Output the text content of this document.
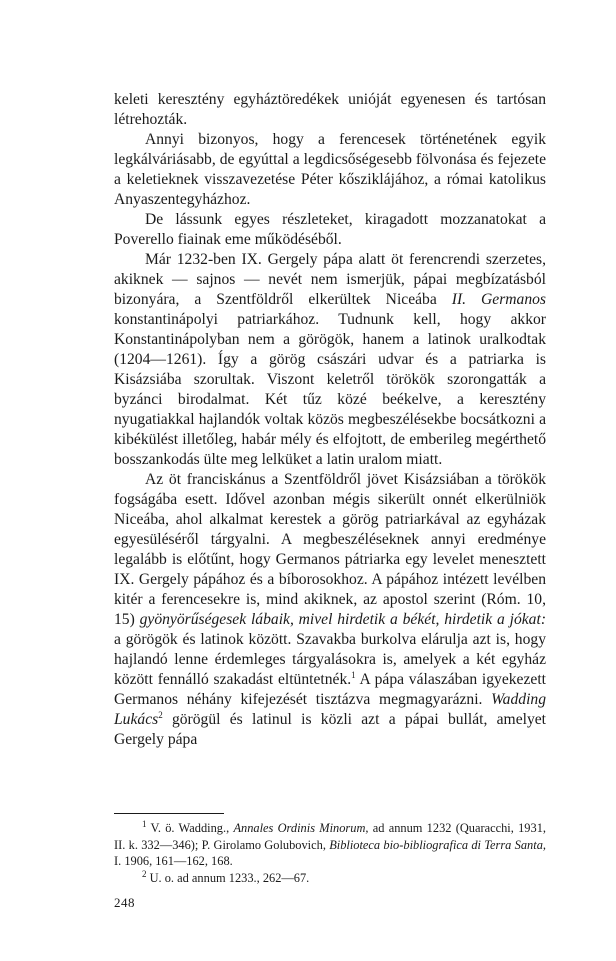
keleti keresztény egyháztöredékek unióját egyenesen és tartósan létrehozták.

Annyi bizonyos, hogy a ferencesek történetének egyik legkálváriásabb, de egyúttal a legdicsőségesebb fölvonása és fejezete a keletieknek visszavezetése Péter kősziklájához, a római katolikus Anyaszentegyházhoz.

De lássunk egyes részleteket, kiragadott mozzanatokat a Poverello fiainak eme működéséből.

Már 1232-ben IX. Gergely pápa alatt öt ferencrendi szerzetes, akiknek — sajnos — nevét nem ismerjük, pápai megbízatásból bizonyára, a Szentföldről elkerültek Niceába II. Germanos konstantinápolyi patriarkához. Tudnunk kell, hogy akkor Konstantinápolyban nem a görögök, hanem a latinok uralkodtak (1204—1261). Így a görög császári udvar és a patriarka is Kisázsiába szorultak. Viszont keletről törökök szorongatták a byzánci birodalmat. Két tűz közé beékelve, a keresztény nyugatiakkal hajlandók voltak közös megbeszélésekbe bocsátkozni a kibékülést illetőleg, habár mély és elfojtott, de emberileg megérthető bosszankodás ülte meg lelküket a latin uralom miatt.

Az öt franciskánus a Szentföldről jövet Kisázsiában a törökök fogságába esett. Idővel azonban mégis sikerült onnét elkerülniök Niceába, ahol alkalmat kerestek a görög patriarkával az egyházak egyesüléséről tárgyalni. A megbeszéléseknek annyi eredménye legalább is előtűnt, hogy Germanos pátriarka egy levelet menesztett IX. Gergely pápához és a bíborosokhoz. A pápához intézett levélben kitér a ferencesekre is, mind akiknek, az apostol szerint (Róm. 10, 15) gyönyörűségesek lábaik, mivel hirdetik a békét, hirdetik a jókat: a görögök és latinok között. Szavakba burkolva elárulja azt is, hogy hajlandó lenne érdemleges tárgyalásokra is, amelyek a két egyház között fennálló szakadást eltüntetnék.$^1$ A pápa válaszában igyekezett Germanos néhány kifejezését tisztázva megmagyarázni. Wadding Lukács$^2$ görögül és latinul is közli azt a pápai bullát, amelyet Gergely pápa

$^1$ V. ö. Wadding., Annales Ordinis Minorum, ad annum 1232 (Quaracchi, 1931, II. k. 332—346); P. Girolamo Golubovich, Biblioteca bio-bibliografica di Terra Santa, I. 1906, 161—162, 168.

$^2$ U. o. ad annum 1233., 262—67.

248
